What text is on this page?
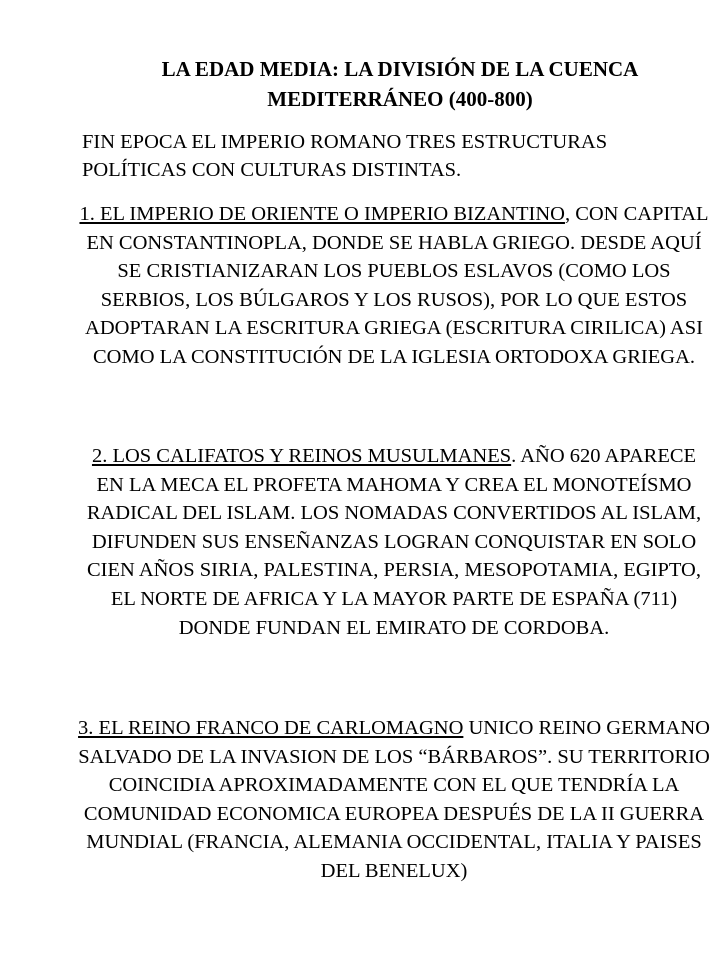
LA EDAD MEDIA: LA DIVISIÓN DE LA CUENCA MEDITERRÁNEO (400-800)
FIN EPOCA EL IMPERIO ROMANO TRES ESTRUCTURAS POLÍTICAS CON CULTURAS DISTINTAS.
1. EL IMPERIO DE ORIENTE O IMPERIO BIZANTINO, CON CAPITAL EN CONSTANTINOPLA, DONDE SE HABLA GRIEGO. DESDE AQUÍ SE CRISTIANIZARAN LOS PUEBLOS ESLAVOS (COMO LOS SERBIOS, LOS BÚLGAROS Y LOS RUSOS), POR LO QUE ESTOS ADOPTARAN LA ESCRITURA GRIEGA (ESCRITURA CIRILICA) ASI COMO LA CONSTITUCIÓN DE LA IGLESIA ORTODOXA GRIEGA.
2. LOS CALIFATOS Y REINOS MUSULMANES. AÑO 620 APARECE EN LA MECA EL PROFETA MAHOMA Y CREA EL MONOTEÍSMO RADICAL DEL ISLAM. LOS NOMADAS CONVERTIDOS AL ISLAM, DIFUNDEN SUS ENSEÑANZAS LOGRAN CONQUISTAR EN SOLO CIEN AÑOS SIRIA, PALESTINA, PERSIA, MESOPOTAMIA, EGIPTO, EL NORTE DE AFRICA Y LA MAYOR PARTE DE ESPAÑA (711) DONDE FUNDAN EL EMIRATO DE CORDOBA.
3. EL REINO FRANCO DE CARLOMAGNO UNICO REINO GERMANO SALVADO DE LA INVASION DE LOS “BÁRBAROS”. SU TERRITORIO COINCIDIA APROXIMADAMENTE CON EL QUE TENDRÍA LA COMUNIDAD ECONOMICA EUROPEA DESPUÉS DE LA II GUERRA MUNDIAL (FRANCIA, ALEMANIA OCCIDENTAL, ITALIA Y PAISES DEL BENELUX)
